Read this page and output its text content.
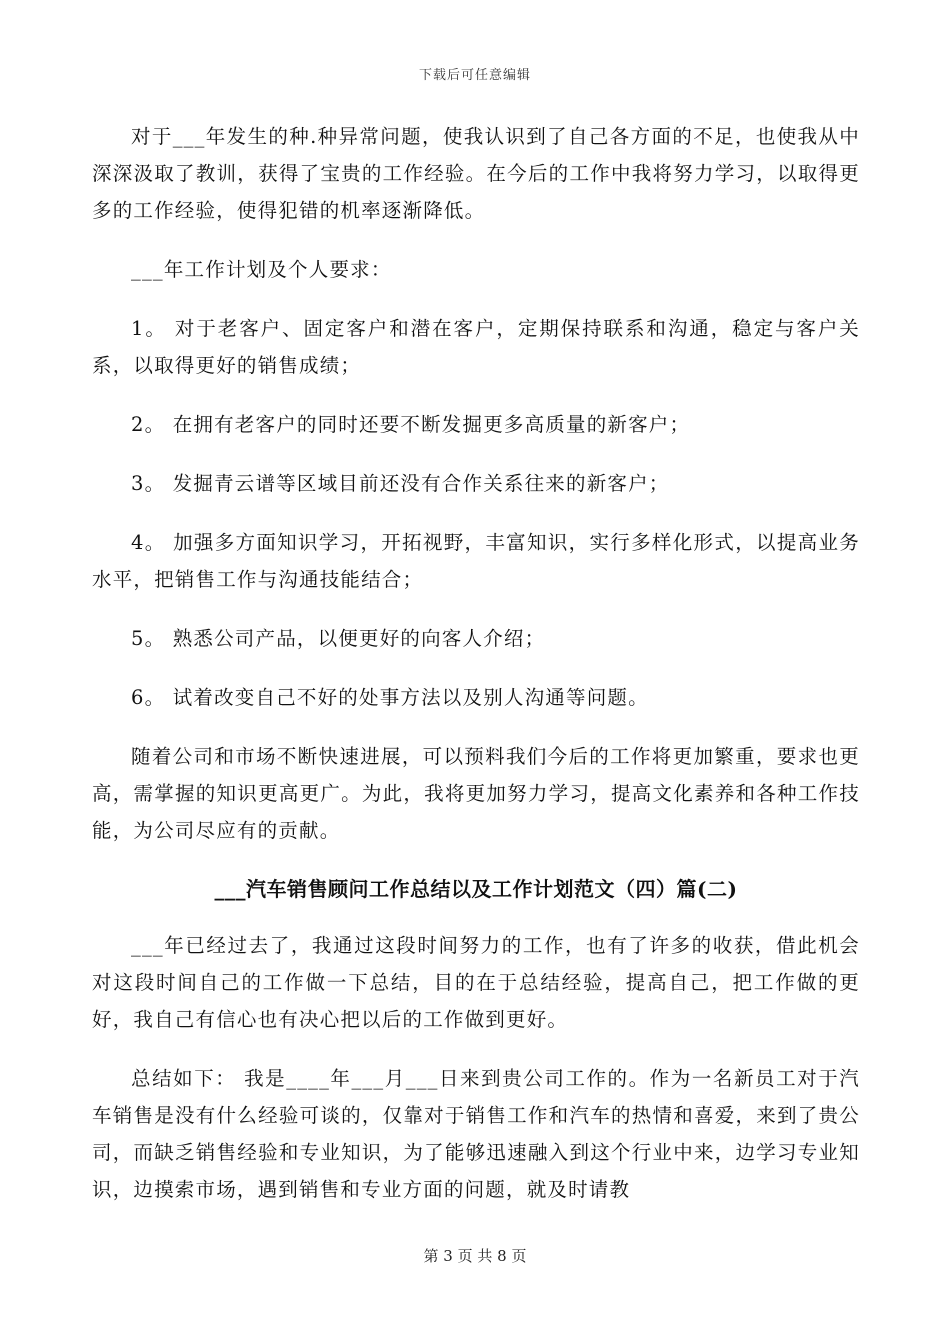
下载后可任意编辑

对于___年发生的种.种异常问题，使我认识到了自己各方面的不足，也使我从中深深汲取了教训，获得了宝贵的工作经验。在今后的工作中我将努力学习，以取得更多的工作经验，使得犯错的机率逐渐降低。

___年工作计划及个人要求：

1。 对于老客户、固定客户和潜在客户，定期保持联系和沟通，稳定与客户关系，以取得更好的销售成绩；

2。 在拥有老客户的同时还要不断发掘更多高质量的新客户；

3。 发掘青云谱等区域目前还没有合作关系往来的新客户；

4。 加强多方面知识学习，开拓视野，丰富知识，实行多样化形式，以提高业务水平，把销售工作与沟通技能结合；

5。 熟悉公司产品，以便更好的向客人介绍；

6。 试着改变自己不好的处事方法以及别人沟通等问题。

随着公司和市场不断快速进展，可以预料我们今后的工作将更加繁重，要求也更高，需掌握的知识更高更广。为此，我将更加努力学习，提高文化素养和各种工作技能，为公司尽应有的贡献。

___汽车销售顾问工作总结以及工作计划范文（四）篇(二)

___年已经过去了，我通过这段时间努力的工作，也有了许多的收获，借此机会对这段时间自己的工作做一下总结，目的在于总结经验，提高自己，把工作做的更好，我自己有信心也有决心把以后的工作做到更好。

总结如下： 我是____年___月___日来到贵公司工作的。作为一名新员工对于汽车销售是没有什么经验可谈的，仅靠对于销售工作和汽车的热情和喜爱，来到了贵公司，而缺乏销售经验和专业知识，为了能够迅速融入到这个行业中来，边学习专业知识，边摸索市场，遇到销售和专业方面的问题，就及时请教

第 3 页 共 8 页
